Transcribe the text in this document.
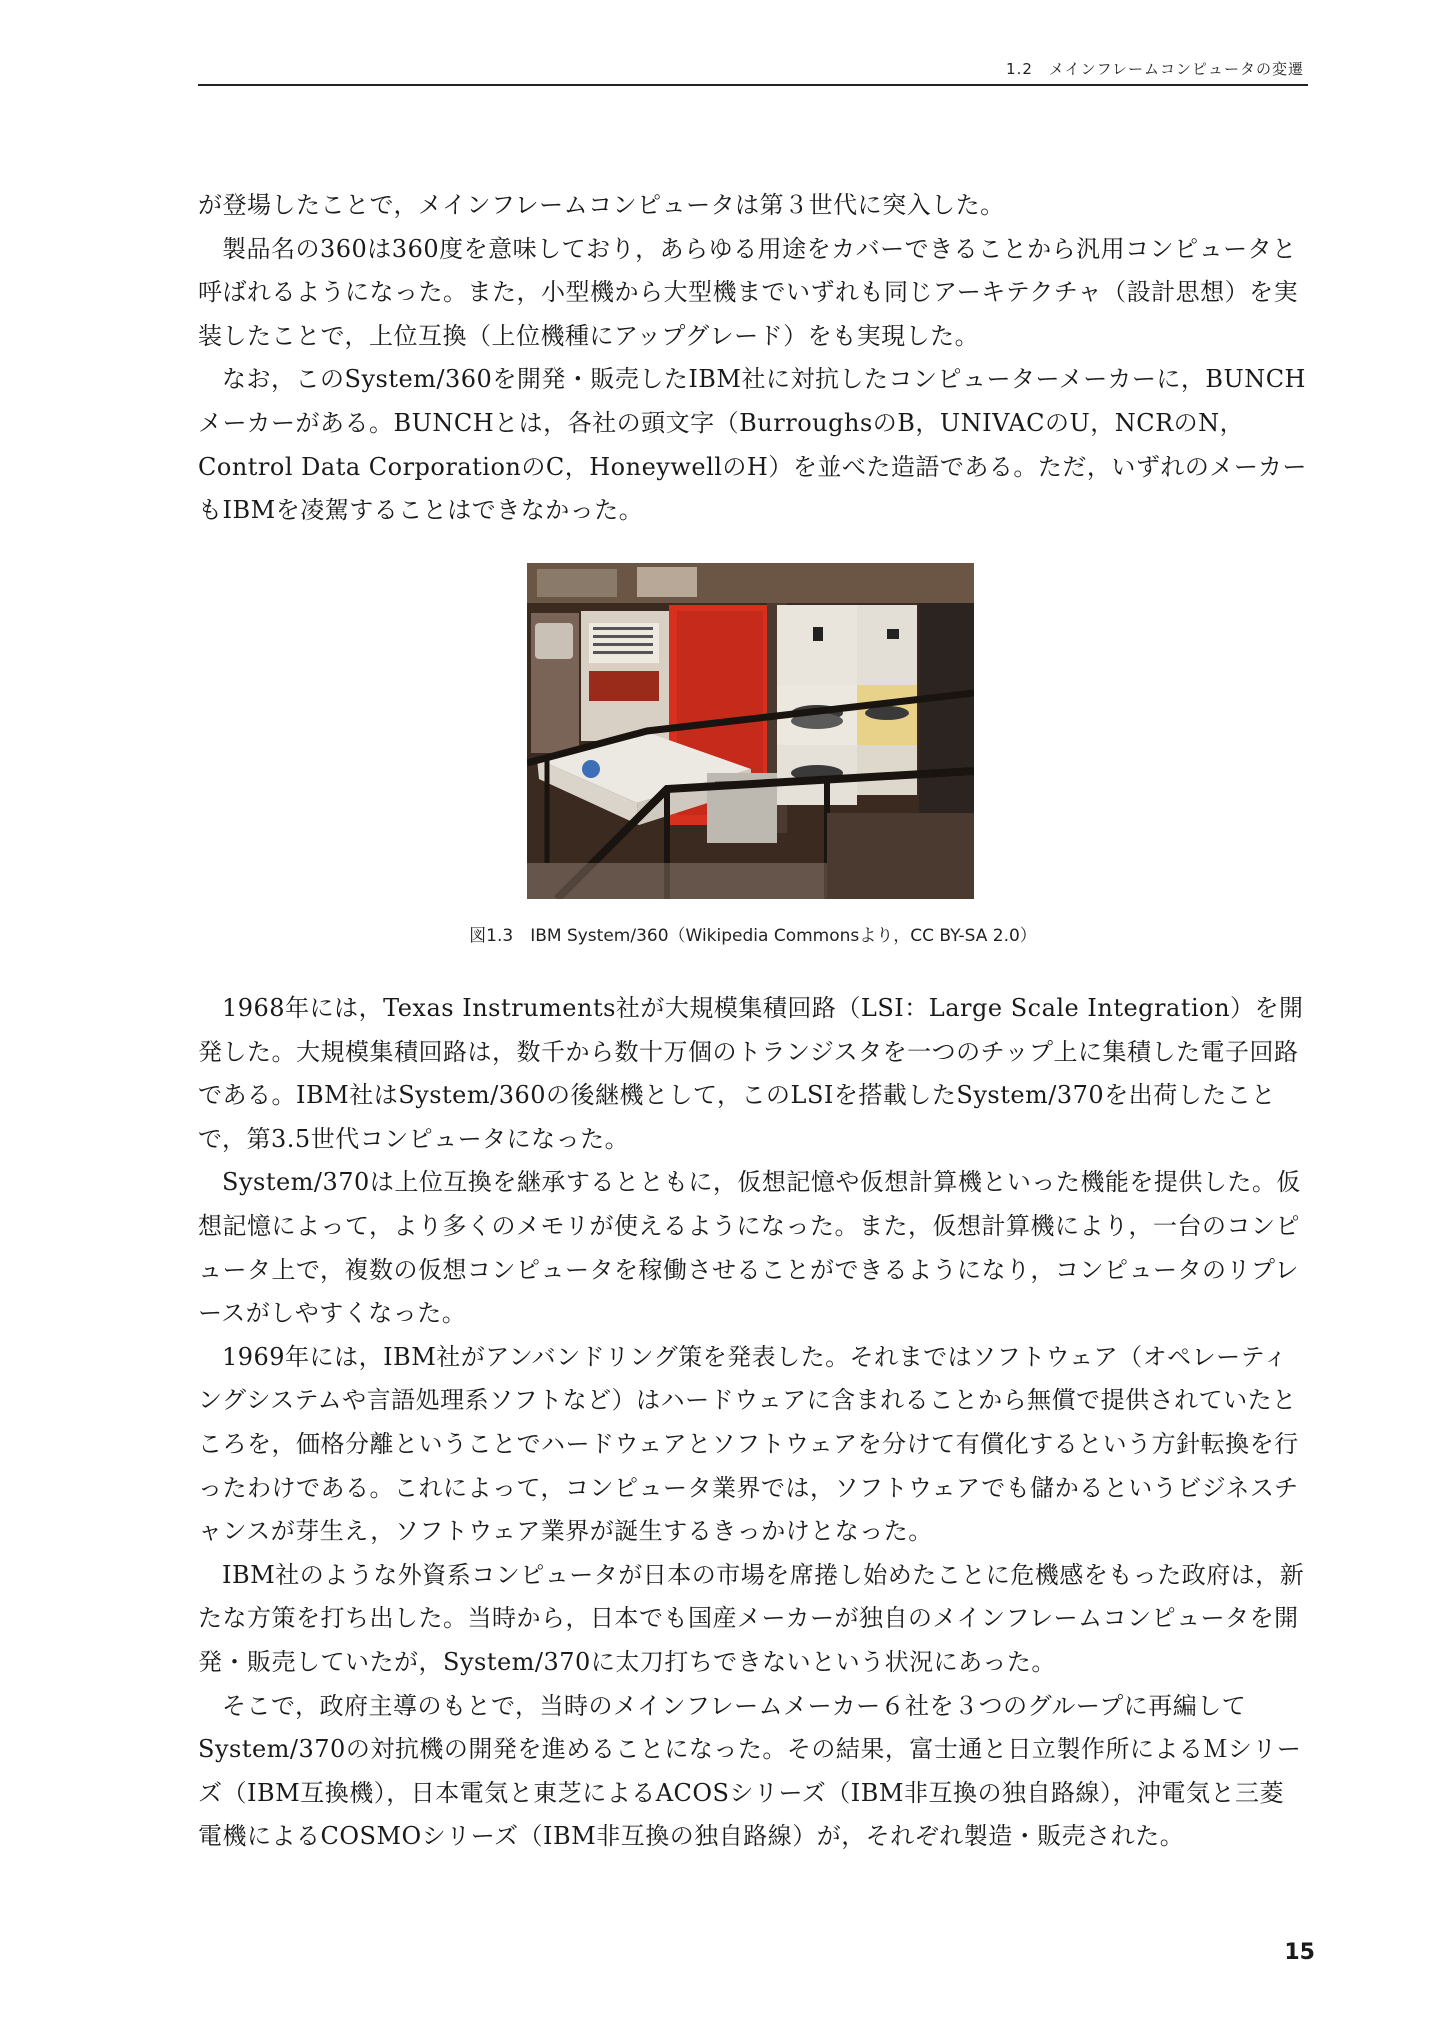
1.2　メインフレームコンピュータの変遷

が登場したことで，メインフレームコンピュータは第３世代に突入した。

製品名の360は360度を意味しており，あらゆる用途をカバーできることから汎用コンピュータと呼ばれるようになった。また，小型機から大型機までいずれも同じアーキテクチャ（設計思想）を実装したことで，上位互換（上位機種にアップグレード）をも実現した。

なお，このSystem/360を開発・販売したIBM社に対抗したコンピューターメーカーに，BUNCHメーカーがある。BUNCHとは，各社の頭文字（BurroughsのB，UNIVACのU，NCRのN，Control Data CorporationのC，HoneywellのH）を並べた造語である。ただ，いずれのメーカーもIBMを凌駕することはできなかった。

図1.3　IBM System/360（Wikipedia Commonsより，CC BY-SA 2.0）

1968年には，Texas Instruments社が大規模集積回路（LSI：Large Scale Integration）を開発した。大規模集積回路は，数千から数十万個のトランジスタを一つのチップ上に集積した電子回路である。IBM社はSystem/360の後継機として，このLSIを搭載したSystem/370を出荷したことで，第3.5世代コンピュータになった。

System/370は上位互換を継承するとともに，仮想記憶や仮想計算機といった機能を提供した。仮想記憶によって，より多くのメモリが使えるようになった。また，仮想計算機により，一台のコンピュータ上で，複数の仮想コンピュータを稼働させることができるようになり，コンピュータのリプレースがしやすくなった。

1969年には，IBM社がアンバンドリング策を発表した。それまではソフトウェア（オペレーティングシステムや言語処理系ソフトなど）はハードウェアに含まれることから無償で提供されていたところを，価格分離ということでハードウェアとソフトウェアを分けて有償化するという方針転換を行ったわけである。これによって，コンピュータ業界では，ソフトウェアでも儲かるというビジネスチャンスが芽生え，ソフトウェア業界が誕生するきっかけとなった。

IBM社のような外資系コンピュータが日本の市場を席捲し始めたことに危機感をもった政府は，新たな方策を打ち出した。当時から，日本でも国産メーカーが独自のメインフレームコンピュータを開発・販売していたが，System/370に太刀打ちできないという状況にあった。

そこで，政府主導のもとで，当時のメインフレームメーカー６社を３つのグループに再編してSystem/370の対抗機の開発を進めることになった。その結果，富士通と日立製作所によるＭシリーズ（IBM互換機），日本電気と東芝によるACOSシリーズ（IBM非互換の独自路線），沖電気と三菱電機によるCOSMOシリーズ（IBM非互換の独自路線）が，それぞれ製造・販売された。

15
